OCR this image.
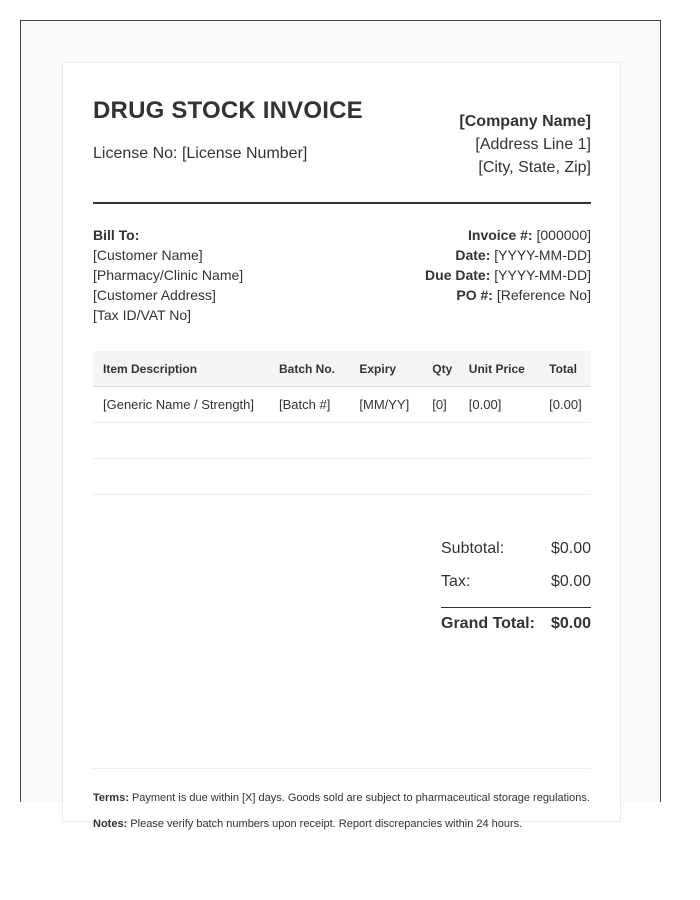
DRUG STOCK INVOICE
License No: [License Number]
[Company Name]
[Address Line 1]
[City, State, Zip]
Bill To:
[Customer Name]
[Pharmacy/Clinic Name]
[Customer Address]
[Tax ID/VAT No]
Invoice #: [000000]
Date: [YYYY-MM-DD]
Due Date: [YYYY-MM-DD]
PO #: [Reference No]
Item Description	Batch No.	Expiry	Qty	Unit Price	Total
[Generic Name / Strength]	[Batch #]	[MM/YY]	[0]	[0.00]	[0.00]

Subtotal:	$0.00
Tax:	$0.00
Grand Total: $0.00

Terms: Payment is due within [X] days. Goods sold are subject to pharmaceutical storage regulations.

Notes: Please verify batch numbers upon receipt. Report discrepancies within 24 hours.
